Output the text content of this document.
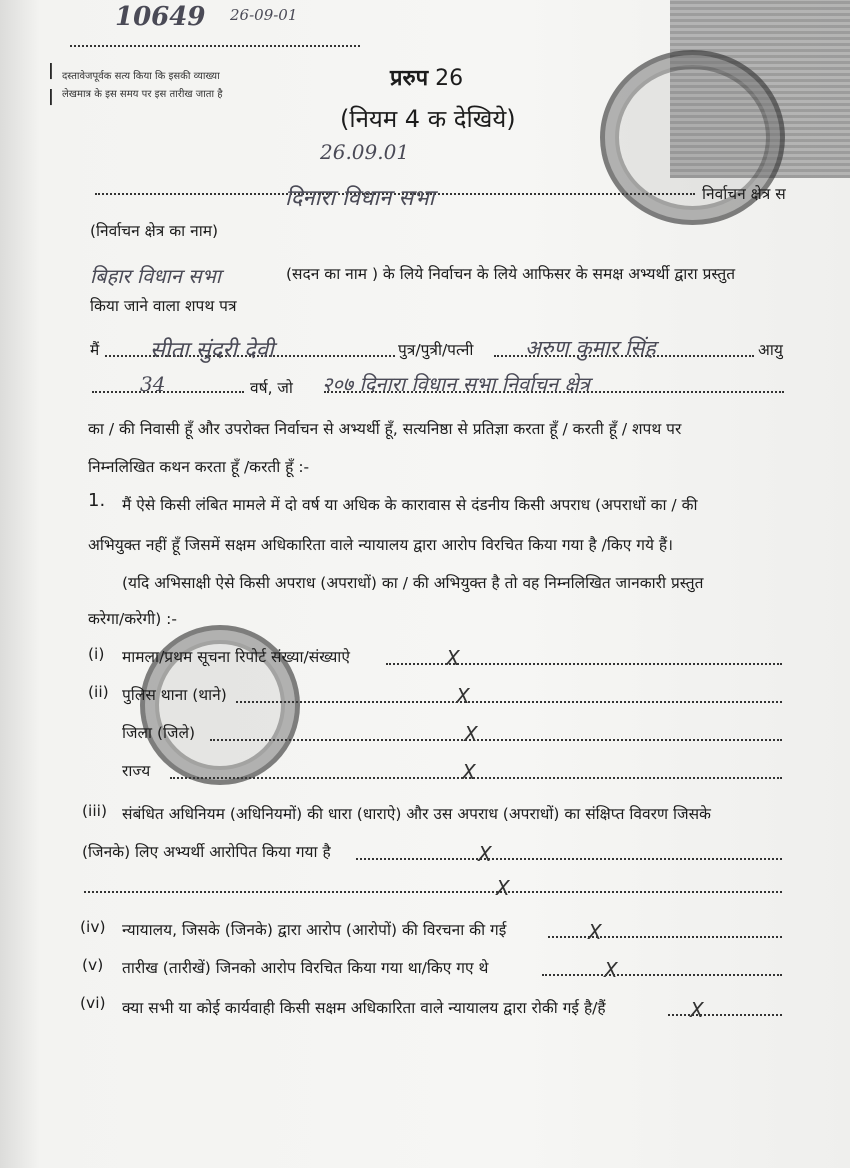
10649 26-09-01
दस्तावेजपूर्वक सत्य किया कि इसकी व्याख्या
लेखमात्र के इस समय पर इस तारीख जाता है
26.09.01
प्ररुप 26
(नियम 4 क देखिये)
दिनारा विधान सभा	निर्वाचन क्षेत्र स
(निर्वाचन क्षेत्र का नाम)
बिहार विधान सभा	(सदन का नाम ) के लिये निर्वाचन के लिये आफिसर के समक्ष अभ्यर्थी द्वारा प्रस्तुत
किया जाने वाला शपथ पत्र
मैं सीता सुंदरी देवी	पुत्र/पुत्री/पत्नी अरुण कुमार सिंह	आयु
34	वर्ष, जो २०७ दिनारा विधान सभा निर्वाचन क्षेत्र
का / की निवासी हूँ और उपरोक्त निर्वाचन से अभ्यर्थी हूँ, सत्यनिष्ठा से प्रतिज्ञा करता हूँ / करती हूँ / शपथ पर
निम्नलिखित कथन करता हूँ /करती हूँ :-
1. मैं ऐसे किसी लंबित मामले में दो वर्ष या अधिक के कारावास से दंडनीय किसी अपराध (अपराधों का / की
अभियुक्त नहीं हूँ जिसमें सक्षम अधिकारिता वाले न्यायालय द्वारा आरोप विरचित किया गया है /किए गये हैं।
(यदि अभिसाक्षी ऐसे किसी अपराध (अपराधों) का / की अभियुक्त है तो वह निम्नलिखित जानकारी प्रस्तुत
करेगा/करेगी) :-
(i) मामला/प्रथम सूचना रिपोर्ट संख्या/संख्याऐ	X
(ii) पुलिस थाना (थाने)	X
जिला (जिले)	X
राज्य	X
(iii) संबंधित अधिनियम (अधिनियमों) की धारा (धाराऐ) और उस अपराध (अपराधों) का संक्षिप्त विवरण जिसके
(जिनके) लिए अभ्यर्थी आरोपित किया गया है	X
X
(iv) न्यायालय, जिसके (जिनके) द्वारा आरोप (आरोपों) की विरचना की गई	X
(v) तारीख (तारीखें) जिनको आरोप विरचित किया गया था/किए गए थे	X
(vi) क्या सभी या कोई कार्यवाही किसी सक्षम अधिकारिता वाले न्यायालय द्वारा रोकी गई है/हैं	X
|
|
